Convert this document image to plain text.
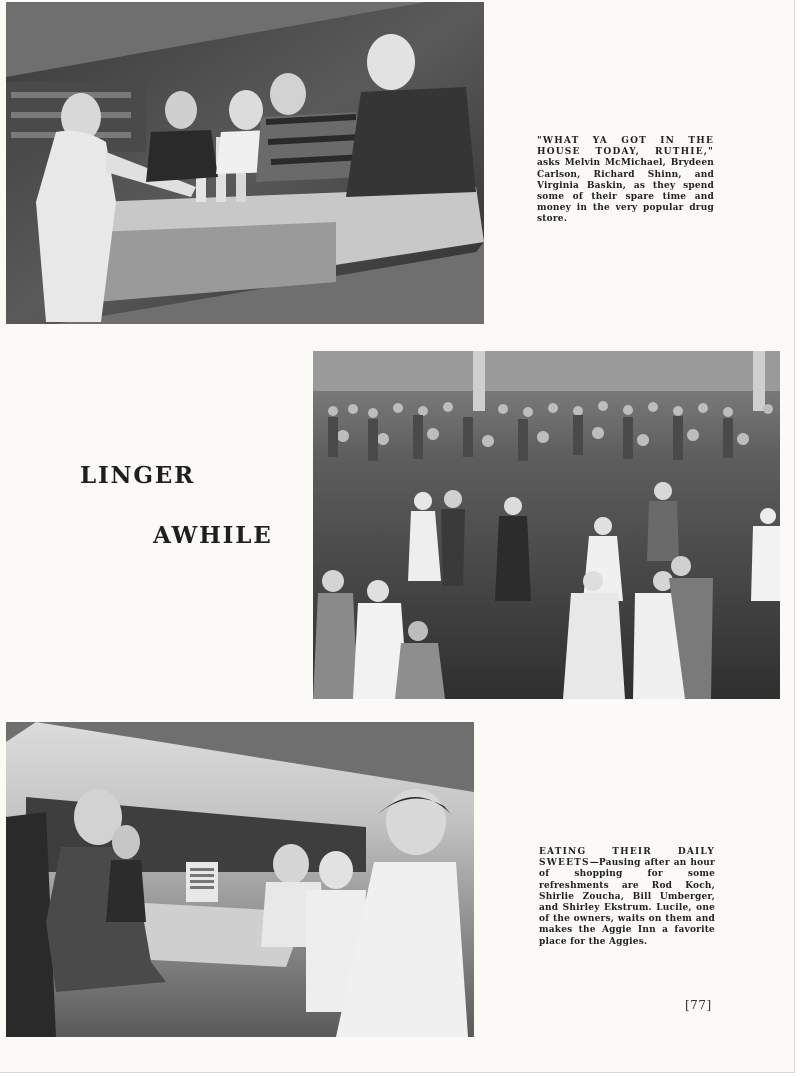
"WHAT YA GOT IN THE HOUSE TODAY, RUTHIE," asks Melvin McMichael, Brydeen Carlson, Richard Shinn, and Virginia Baskin, as they spend some of their spare time and money in the very popular drug store.
LINGER
AWHILE
EATING THEIR DAILY SWEETS—Pausing after an hour of shopping for some refreshments are Rod Koch, Shirlie Zoucha, Bill Umberger, and Shirley Ekstrum. Lucile, one of the owners, waits on them and makes the Aggie Inn a favorite place for the Aggies.
[77]
